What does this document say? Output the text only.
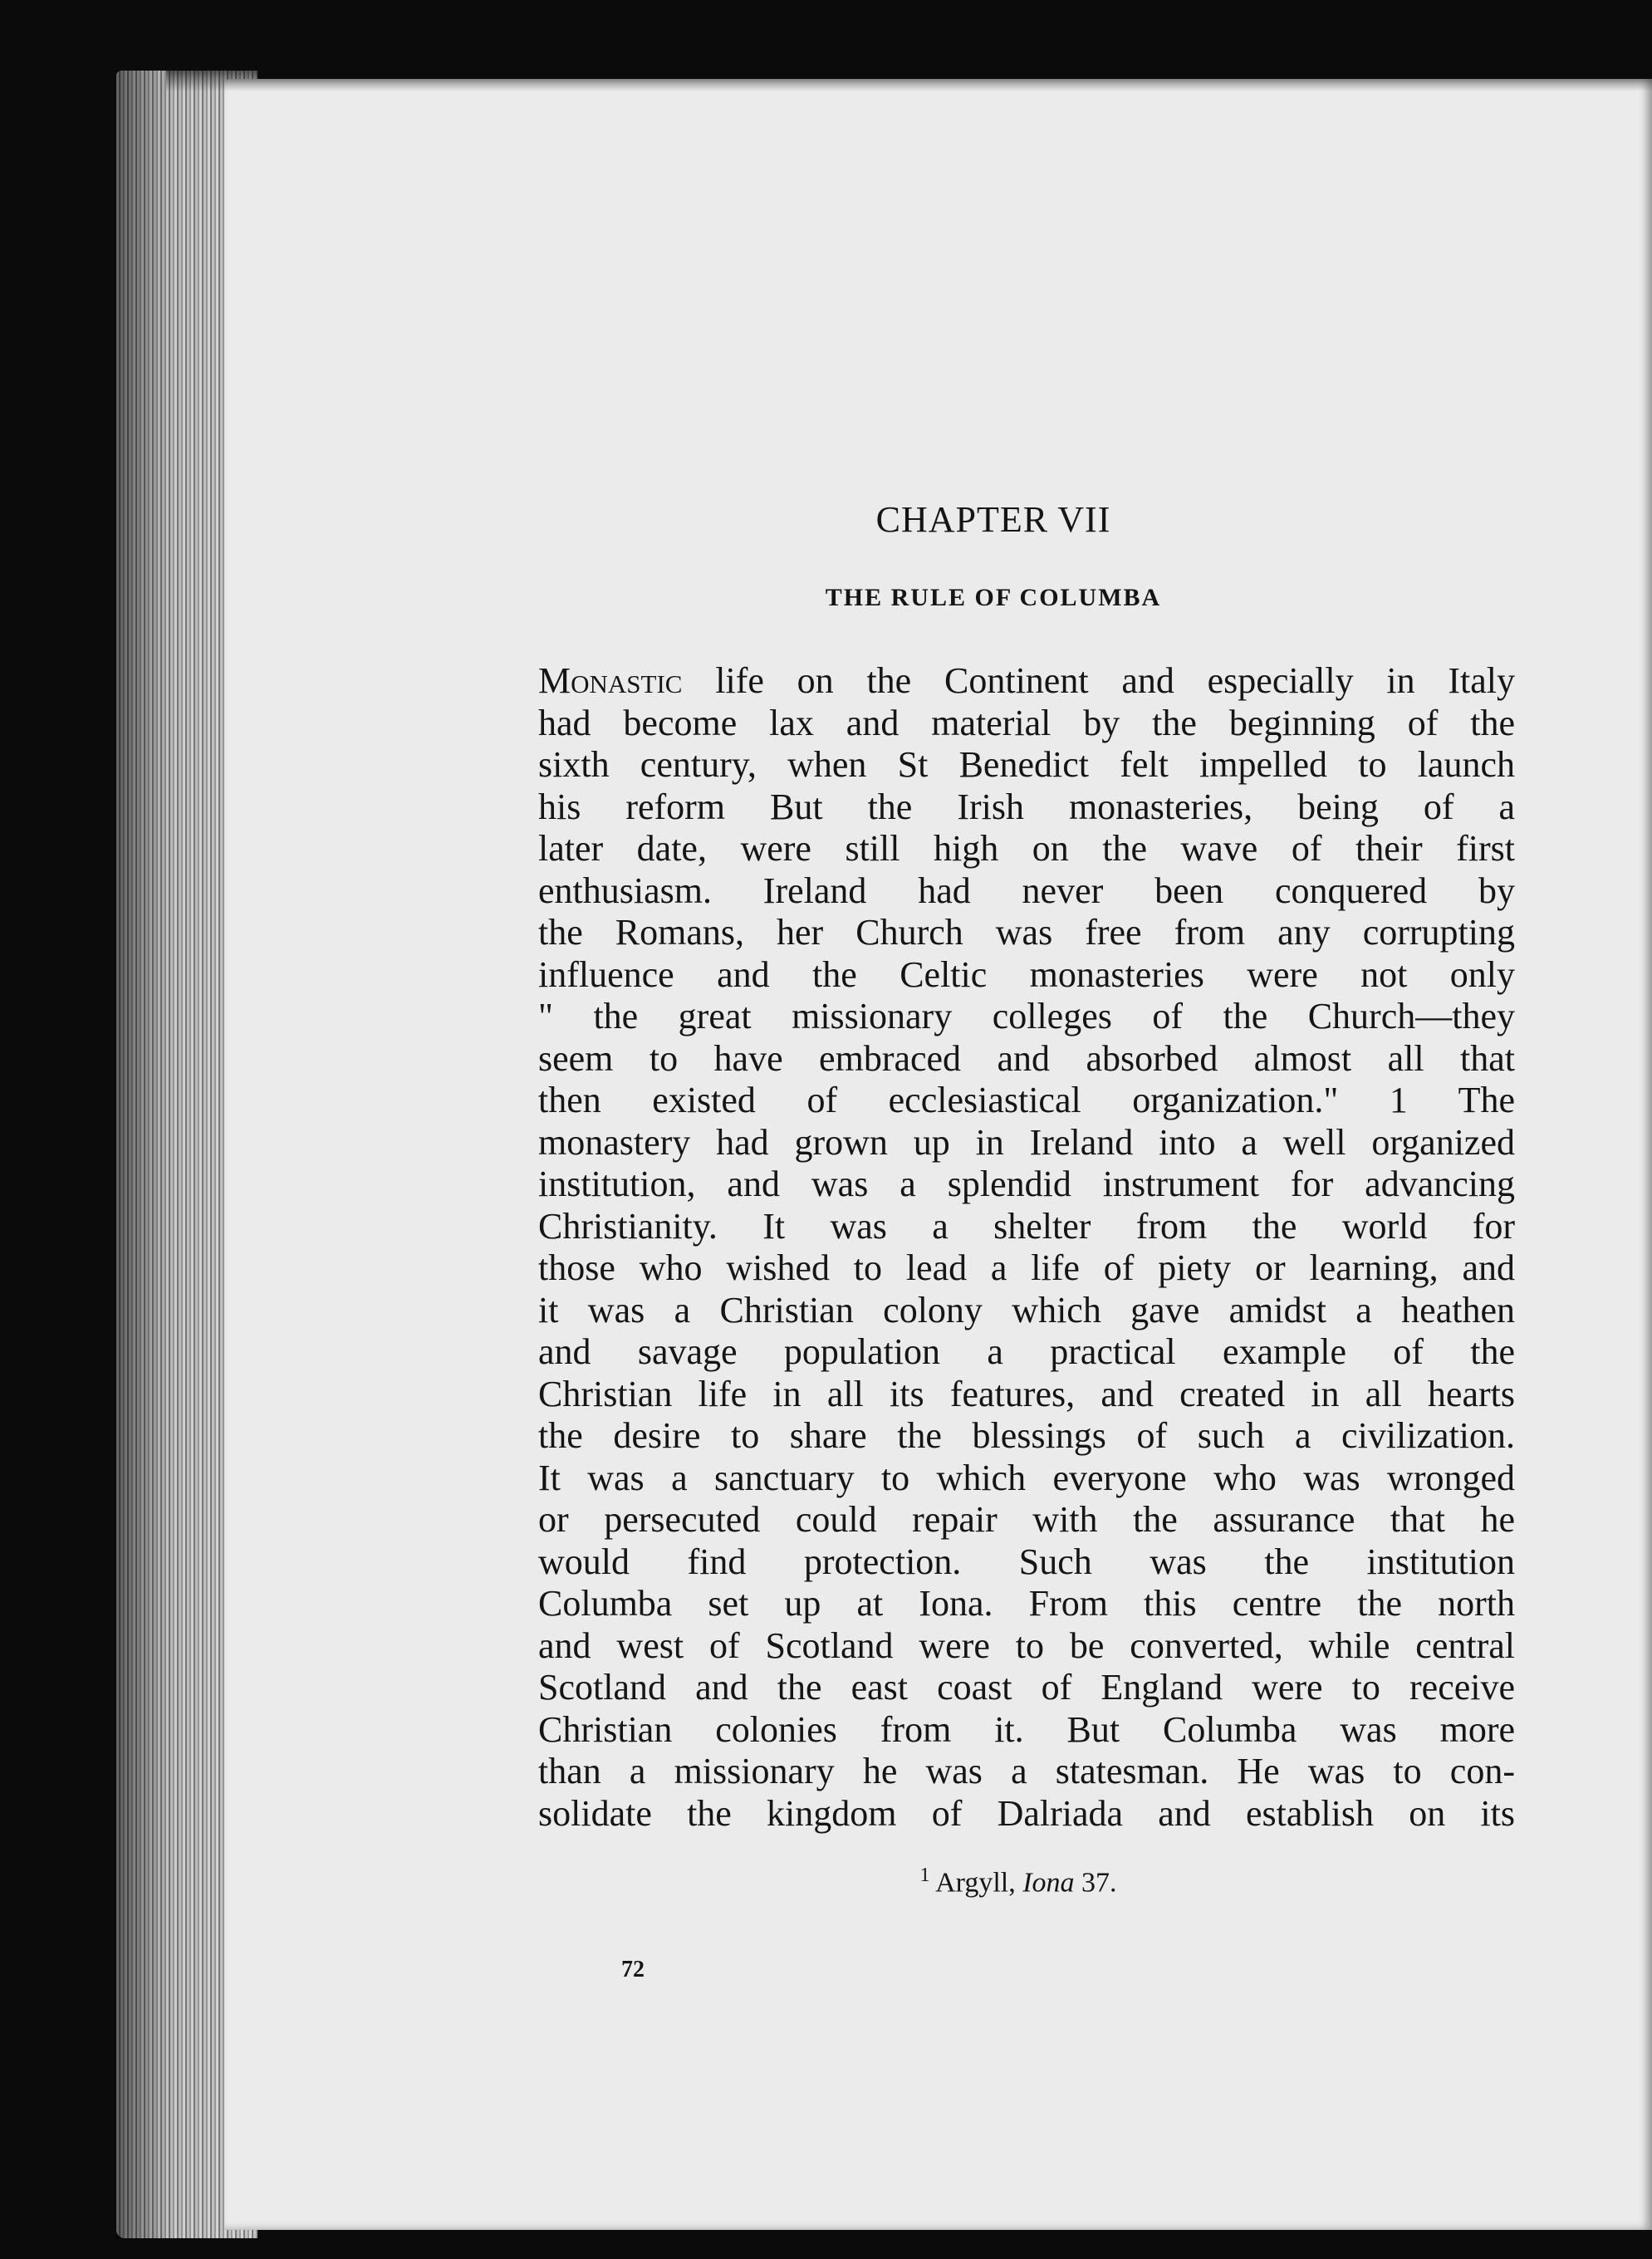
CHAPTER VII
THE RULE OF COLUMBA
Monastic life on the Continent and especially in Italy
had become lax and material by the beginning of the
sixth century, when St Benedict felt impelled to launch
his reform But the Irish monasteries, being of a
later date, were still high on the wave of their first
enthusiasm. Ireland had never been conquered by
the Romans, her Church was free from any corrupting
influence and the Celtic monasteries were not only
" the great missionary colleges of the Church—they
seem to have embraced and absorbed almost all that
then existed of ecclesiastical organization." 1 The
monastery had grown up in Ireland into a well organized
institution, and was a splendid instrument for advancing
Christianity. It was a shelter from the world for
those who wished to lead a life of piety or learning, and
it was a Christian colony which gave amidst a heathen
and savage population a practical example of the
Christian life in all its features, and created in all hearts
the desire to share the blessings of such a civilization.
It was a sanctuary to which everyone who was wronged
or persecuted could repair with the assurance that he
would find protection. Such was the institution
Columba set up at Iona. From this centre the north
and west of Scotland were to be converted, while central
Scotland and the east coast of England were to receive
Christian colonies from it. But Columba was more
than a missionary he was a statesman. He was to con-
solidate the kingdom of Dalriada and establish on its

$^1$ Argyll, Iona 37.

72
